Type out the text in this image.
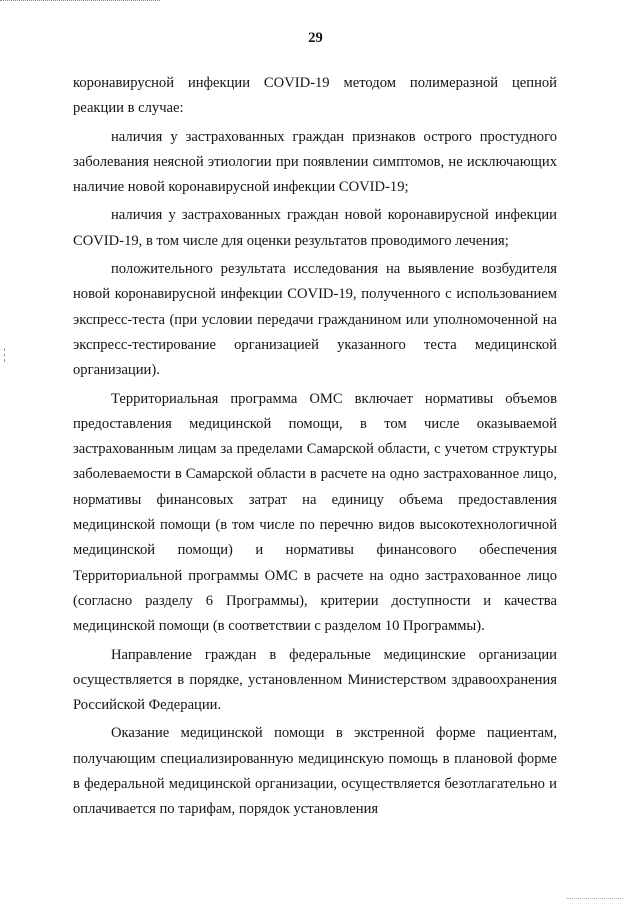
29

коронавирусной инфекции COVID-19 методом полимеразной цепной реакции в случае:

наличия у застрахованных граждан признаков острого простудного заболевания неясной этиологии при появлении симптомов, не исключающих наличие новой коронавирусной инфекции COVID-19;

наличия у застрахованных граждан новой коронавирусной инфекции COVID-19, в том числе для оценки результатов проводимого лечения;

положительного результата исследования на выявление возбудителя новой коронавирусной инфекции COVID-19, полученного с использованием экспресс-теста (при условии передачи гражданином или уполномоченной на экспресс-тестирование организацией указанного теста медицинской организации).

Территориальная программа ОМС включает нормативы объемов предоставления медицинской помощи, в том числе оказываемой застрахованным лицам за пределами Самарской области, с учетом структуры заболеваемости в Самарской области в расчете на одно застрахованное лицо, нормативы финансовых затрат на единицу объема предоставления медицинской помощи (в том числе по перечню видов высокотехнологичной медицинской помощи) и нормативы финансового обеспечения Территориальной программы ОМС в расчете на одно застрахованное лицо (согласно разделу 6 Программы), критерии доступности и качества медицинской помощи (в соответствии с разделом 10 Программы).

Направление граждан в федеральные медицинские организации осуществляется в порядке, установленном Министерством здравоохранения Российской Федерации.

Оказание медицинской помощи в экстренной форме пациентам, получающим специализированную медицинскую помощь в плановой форме в федеральной медицинской организации, осуществляется безотлагательно и оплачивается по тарифам, порядок установления
